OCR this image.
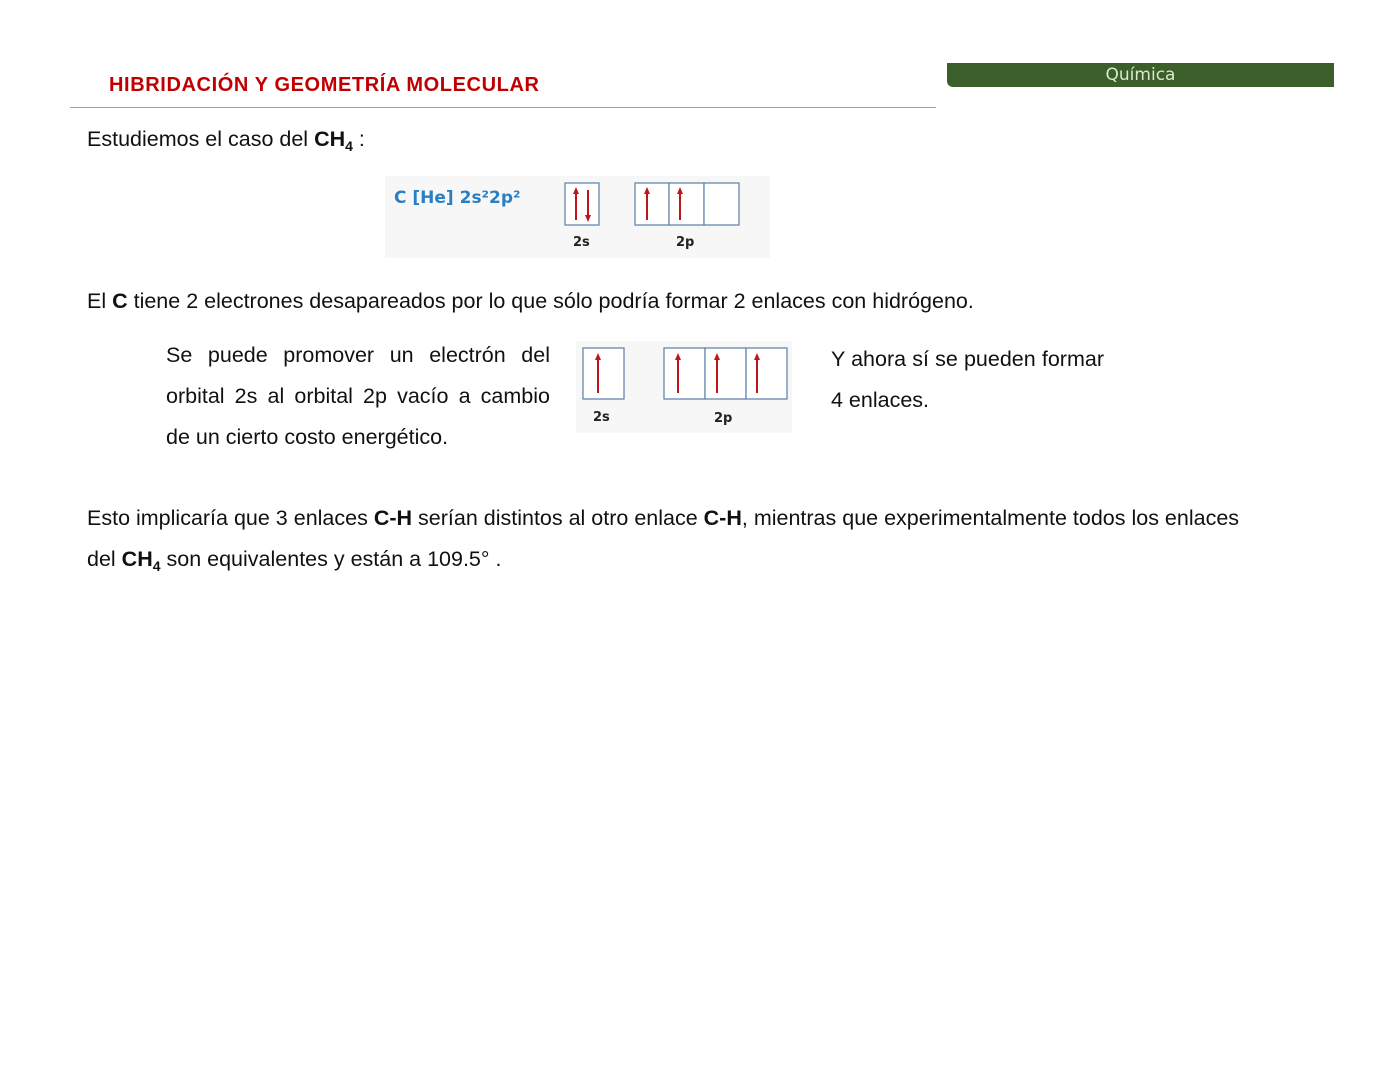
HIBRIDACIÓN Y GEOMETRÍA MOLECULAR	Química
Estudiemos el caso del $CH_4$ :
C [He] 2s²2p²
2s	2p
El C tiene 2 electrones desapareados por lo que sólo podría formar 2 enlaces con hidrógeno.
Se puede promover un electrón del orbital 2s al orbital 2p vacío a cambio de un cierto costo energético.
2s	2p
Y ahora sí se pueden formar 4 enlaces.
Esto implicaría que 3 enlaces C-H serían distintos al otro enlace C-H, mientras que experimentalmente todos los enlaces
del $CH_4$ son equivalentes y están a 109.5° .
